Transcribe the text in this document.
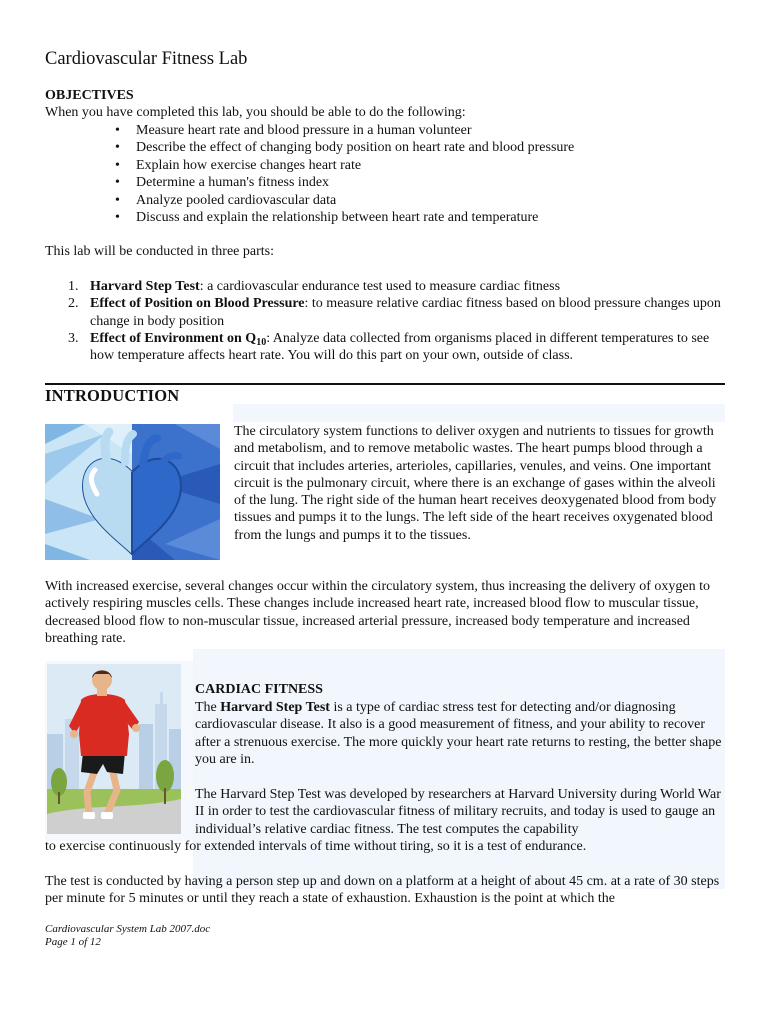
Cardiovascular Fitness Lab
OBJECTIVES
When you have completed this lab, you should be able to do the following:
• Measure heart rate and blood pressure in a human volunteer
• Describe the effect of changing body position on heart rate and blood pressure
• Explain how exercise changes heart rate
• Determine a human's fitness index
• Analyze pooled cardiovascular data
• Discuss and explain the relationship between heart rate and temperature
This lab will be conducted in three parts:
1. Harvard Step Test: a cardiovascular endurance test used to measure cardiac fitness
2. Effect of Position on Blood Pressure: to measure relative cardiac fitness based on blood pressure changes upon change in body position
3. Effect of Environment on $Q_{10}$: Analyze data collected from organisms placed in different temperatures to see how temperature affects heart rate. You will do this part on your own, outside of class.
INTRODUCTION

The circulatory system functions to deliver oxygen and nutrients to tissues for growth and metabolism, and to remove metabolic wastes. The heart pumps blood through a circuit that includes arteries, arterioles, capillaries, venules, and veins. One important circuit is the pulmonary circuit, where there is an exchange of gases within the alveoli of the lung. The right side of the human heart receives deoxygenated blood from body tissues and pumps it to the lungs. The left side of the heart receives oxygenated blood from the lungs and pumps it to the tissues.

With increased exercise, several changes occur within the circulatory system, thus increasing the delivery of oxygen to actively respiring muscles cells. These changes include increased heart rate, increased blood flow to muscular tissue, decreased blood flow to non-muscular tissue, increased arterial pressure, increased body temperature and increased breathing rate.

CARDIAC FITNESS

The Harvard Step Test is a type of cardiac stress test for detecting and/or diagnosing cardiovascular disease. It also is a good measurement of fitness, and your ability to recover after a strenuous exercise. The more quickly your heart rate returns to resting, the better shape you are in.

The Harvard Step Test was developed by researchers at Harvard University during World War II in order to test the cardiovascular fitness of military recruits, and today is used to gauge an individual’s relative cardiac fitness. The test computes the capability

to exercise continuously for extended intervals of time without tiring, so it is a test of endurance.

The test is conducted by having a person step up and down on a platform at a height of about 45 cm. at a rate of 30 steps per minute for 5 minutes or until they reach a state of exhaustion. Exhaustion is the point at which the

Cardiovascular System Lab 2007.doc
Page 1 of 12
